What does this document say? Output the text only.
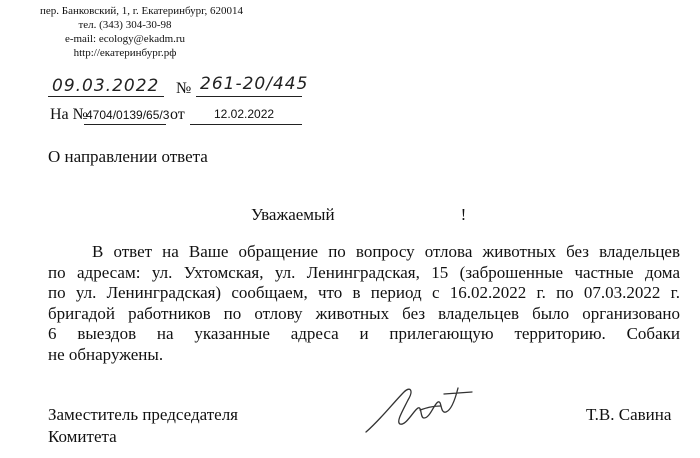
пер. Банковский, 1, г. Екатеринбург, 620014
тел. (343) 304-30-98
e-mail: ecology@ekadm.ru
http://екатеринбург.рф
09.03.2022 № 261-20/445
На №
4704/0139/65/3 от 12.02.2022
О направлении ответа
Уважаемый	!
В ответ на Ваше обращение по вопросу отлова животных без владельцев
по адресам: ул. Ухтомская, ул. Ленинградская, 15 (заброшенные частные дома
по ул. Ленинградская) сообщаем, что в период с 16.02.2022 г. по 07.03.2022 г.
бригадой работников по отлову животных без владельцев было организовано
6 выездов на указанные адреса и прилегающую территорию. Собаки
не обнаружены.
Заместитель председателя
Комитета
Т.В. Савина
